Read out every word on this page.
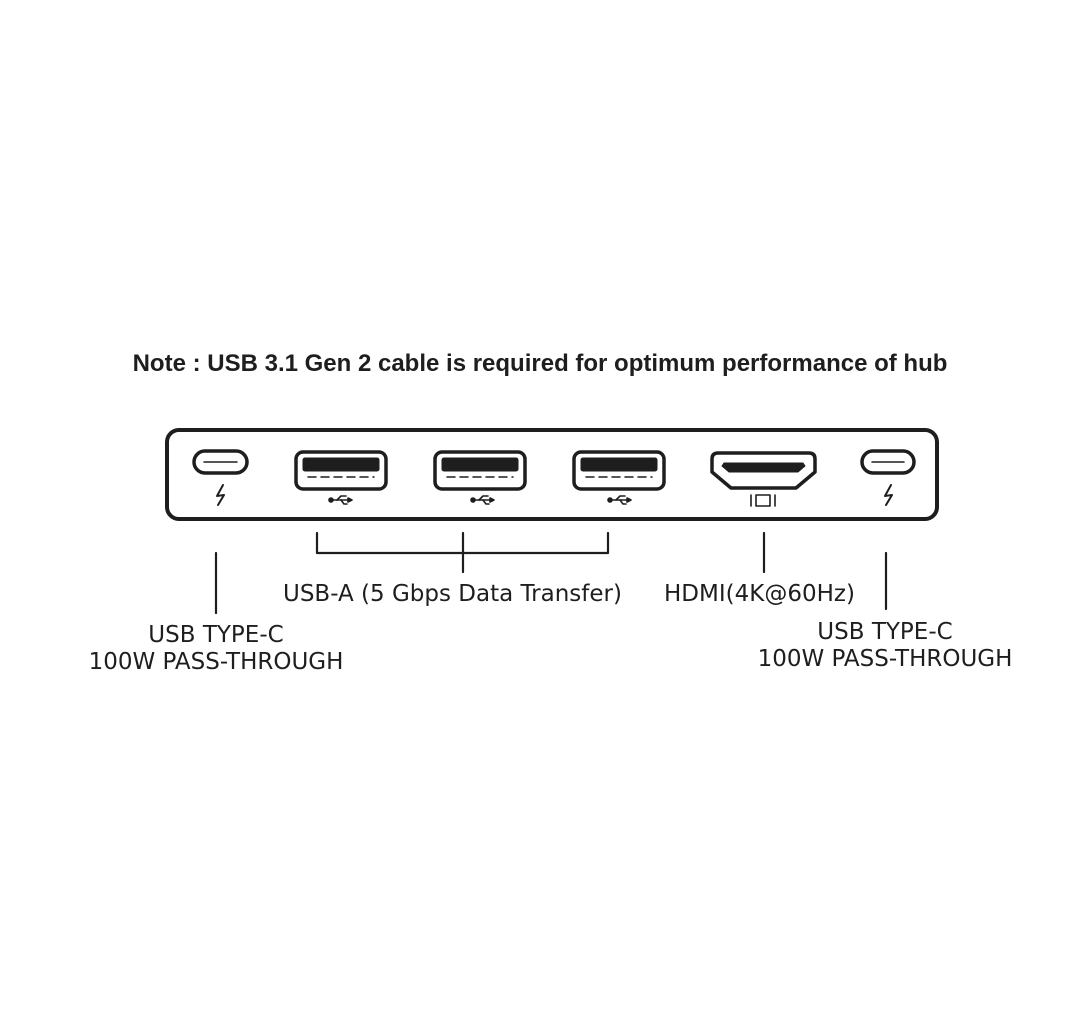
Note : USB 3.1 Gen 2 cable is required for optimum performance of hub
USB-A (5 Gbps Data Transfer) HDMI(4K@60Hz)
USB TYPE-C
100W PASS-THROUGH
USB TYPE-C
100W PASS-THROUGH
